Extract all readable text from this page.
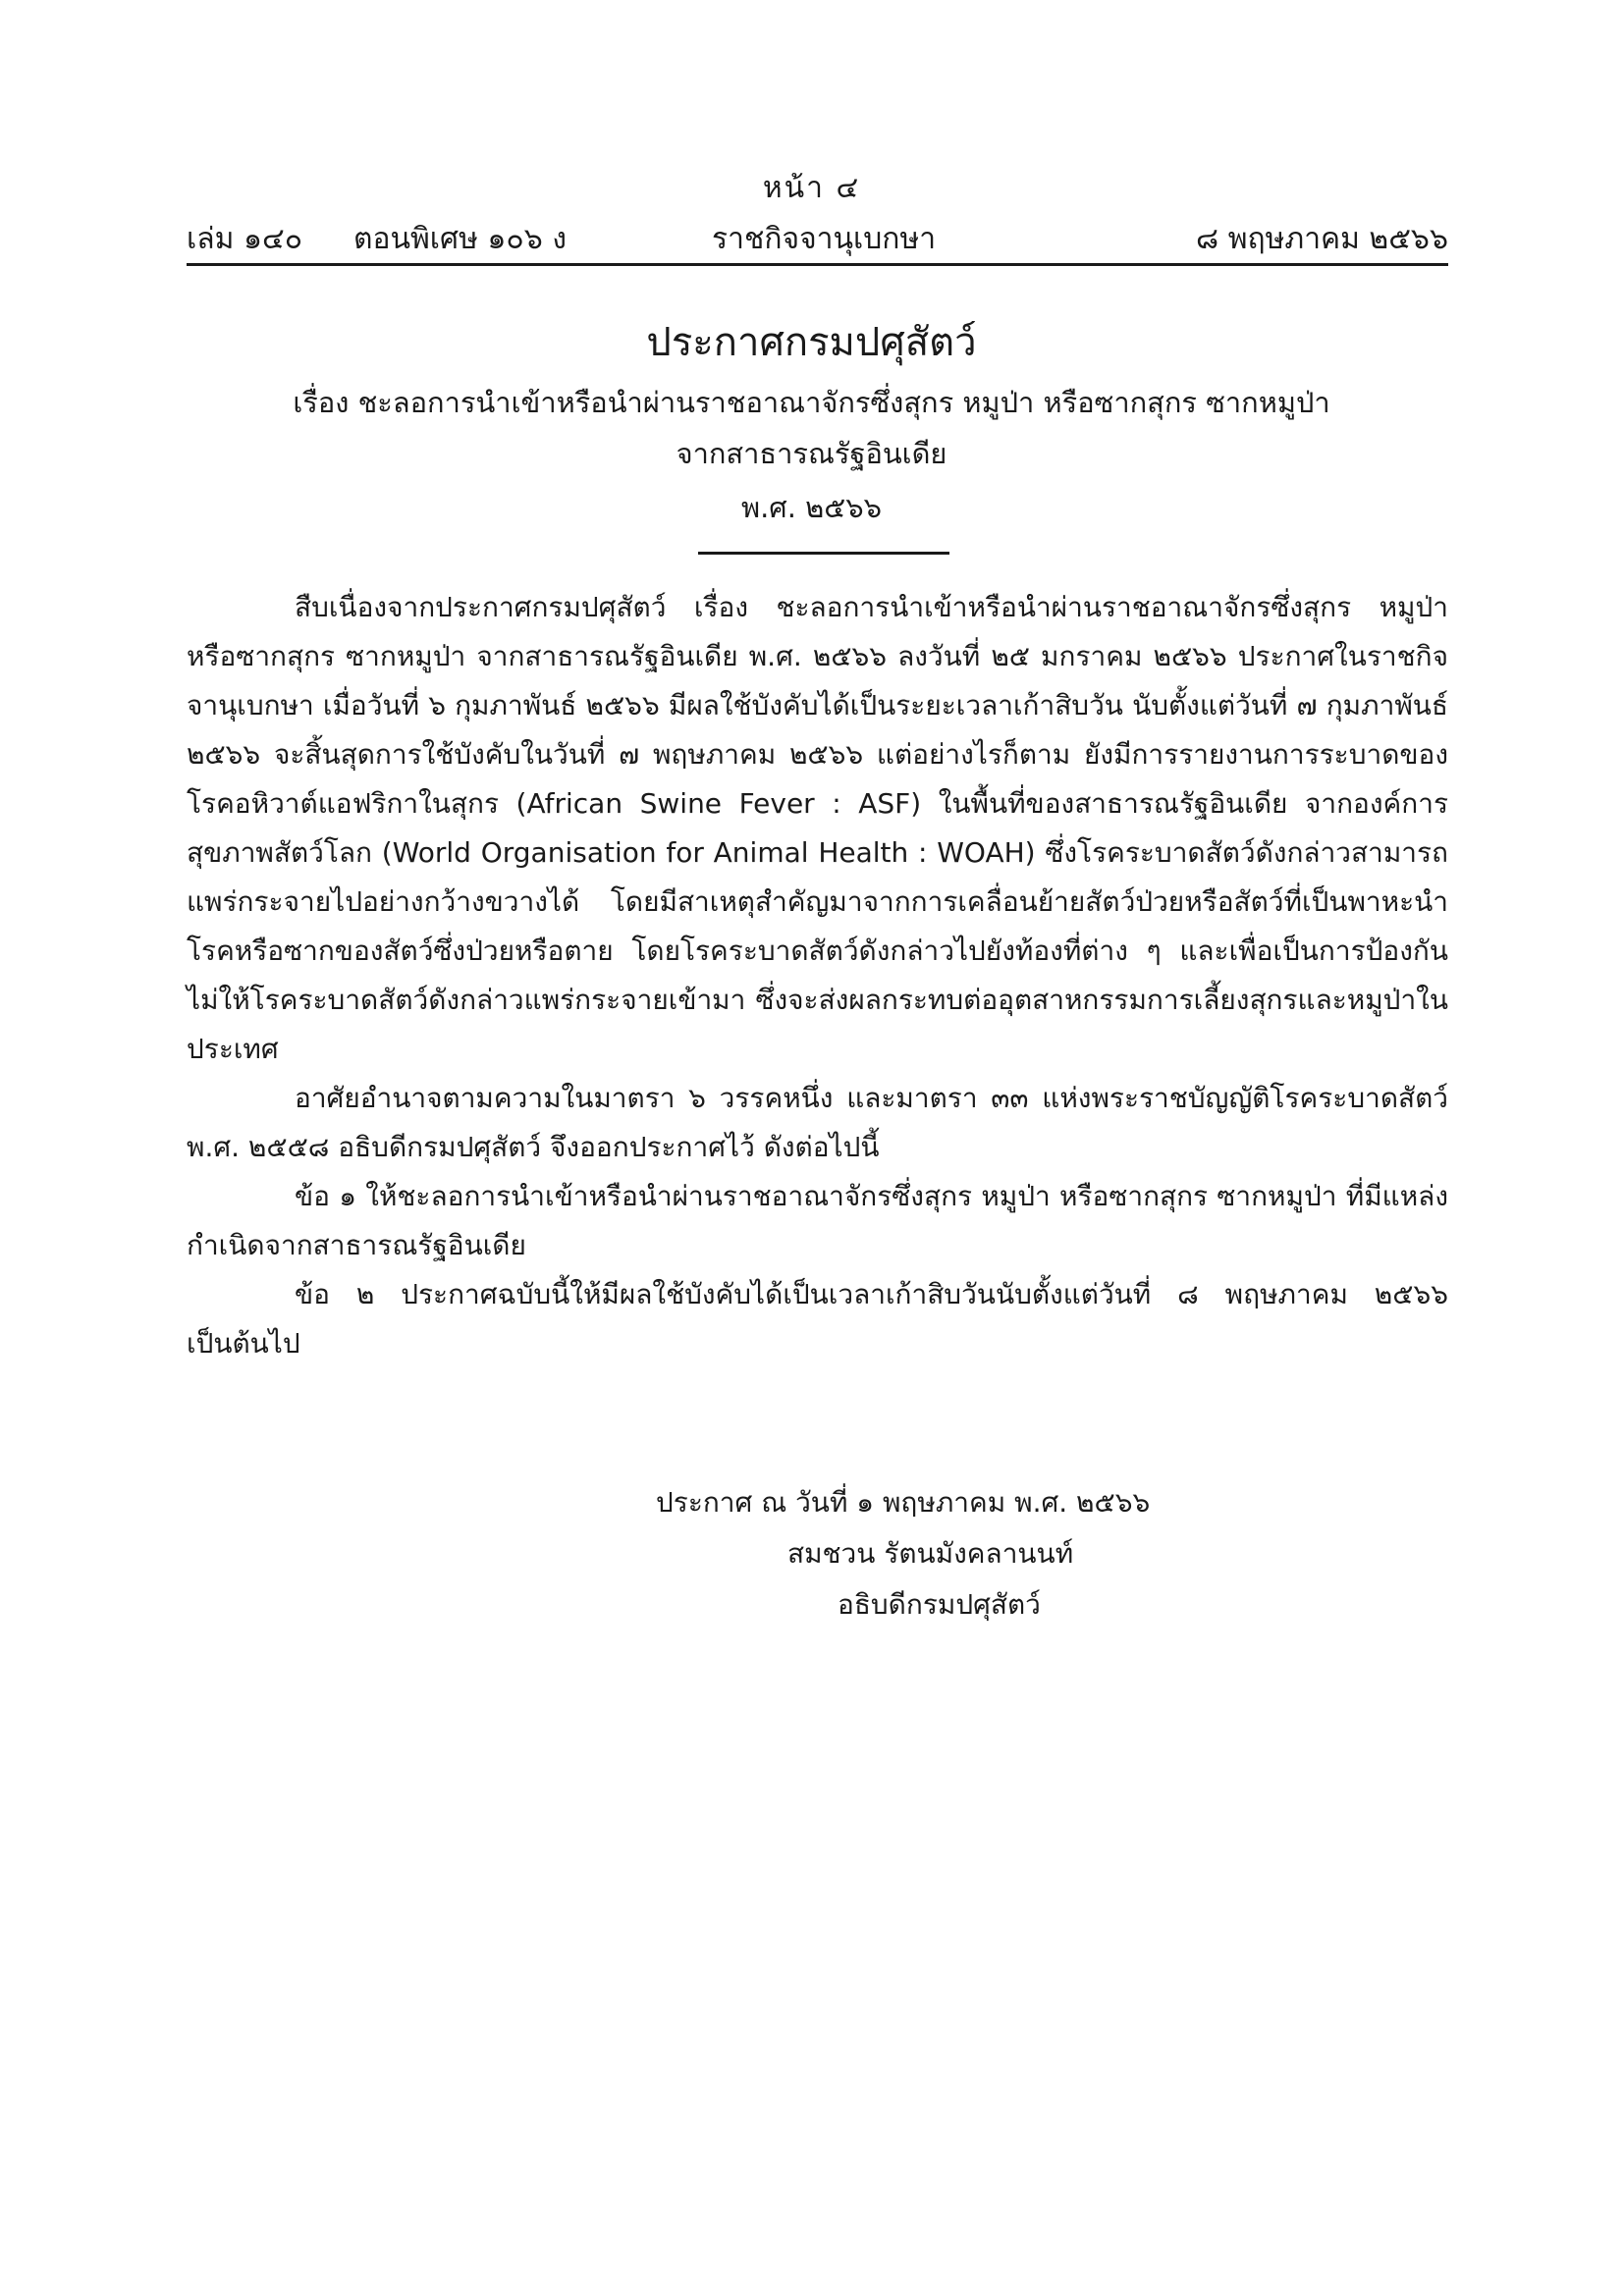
หน้า ๔
เล่ม ๑๔๐ ตอนพิเศษ ๑๐๖ ง	ราชกิจจานุเบกษา	๘ พฤษภาคม ๒๕๖๖
ประกาศกรมปศุสัตว์
เรื่อง ชะลอการนำเข้าหรือนำผ่านราชอาณาจักรซึ่งสุกร หมูป่า หรือซากสุกร ซากหมูป่า
จากสาธารณรัฐอินเดีย
พ.ศ. ๒๕๖๖

สืบเนื่องจากประกาศกรมปศุสัตว์ เรื่อง ชะลอการนำเข้าหรือนำผ่านราชอาณาจักรซึ่งสุกร หมูป่า หรือซากสุกร ซากหมูป่า จากสาธารณรัฐอินเดีย พ.ศ. ๒๕๖๖ ลงวันที่ ๒๕ มกราคม ๒๕๖๖ ประกาศในราชกิจจานุเบกษา เมื่อวันที่ ๖ กุมภาพันธ์ ๒๕๖๖ มีผลใช้บังคับได้เป็นระยะเวลาเก้าสิบวัน นับตั้งแต่วันที่ ๗ กุมภาพันธ์ ๒๕๖๖ จะสิ้นสุดการใช้บังคับในวันที่ ๗ พฤษภาคม ๒๕๖๖ แต่อย่างไรก็ตาม ยังมีการรายงานการระบาดของโรคอหิวาต์แอฟริกาในสุกร (African Swine Fever : ASF) ในพื้นที่ของสาธารณรัฐอินเดีย จากองค์การสุขภาพสัตว์โลก (World Organisation for Animal Health : WOAH) ซึ่งโรคระบาดสัตว์ดังกล่าวสามารถแพร่กระจายไปอย่างกว้างขวางได้ โดยมีสาเหตุสำคัญมาจากการเคลื่อนย้ายสัตว์ป่วยหรือสัตว์ที่เป็นพาหะนำโรคหรือซากของสัตว์ซึ่งป่วยหรือตาย โดยโรคระบาดสัตว์ดังกล่าวไปยังท้องที่ต่าง ๆ และเพื่อเป็นการป้องกันไม่ให้โรคระบาดสัตว์ดังกล่าวแพร่กระจายเข้ามา ซึ่งจะส่งผลกระทบต่ออุตสาหกรรมการเลี้ยงสุกรและหมูป่าในประเทศ

อาศัยอำนาจตามความในมาตรา ๖ วรรคหนึ่ง และมาตรา ๓๓ แห่งพระราชบัญญัติโรคระบาดสัตว์ พ.ศ. ๒๕๕๘ อธิบดีกรมปศุสัตว์ จึงออกประกาศไว้ ดังต่อไปนี้

ข้อ ๑ ให้ชะลอการนำเข้าหรือนำผ่านราชอาณาจักรซึ่งสุกร หมูป่า หรือซากสุกร ซากหมูป่า ที่มีแหล่งกำเนิดจากสาธารณรัฐอินเดีย

ข้อ ๒ ประกาศฉบับนี้ให้มีผลใช้บังคับได้เป็นเวลาเก้าสิบวันนับตั้งแต่วันที่ ๘ พฤษภาคม ๒๕๖๖ เป็นต้นไป

ประกาศ ณ วันที่ ๑ พฤษภาคม พ.ศ. ๒๕๖๖
สมชวน รัตนมังคลานนท์
อธิบดีกรมปศุสัตว์
